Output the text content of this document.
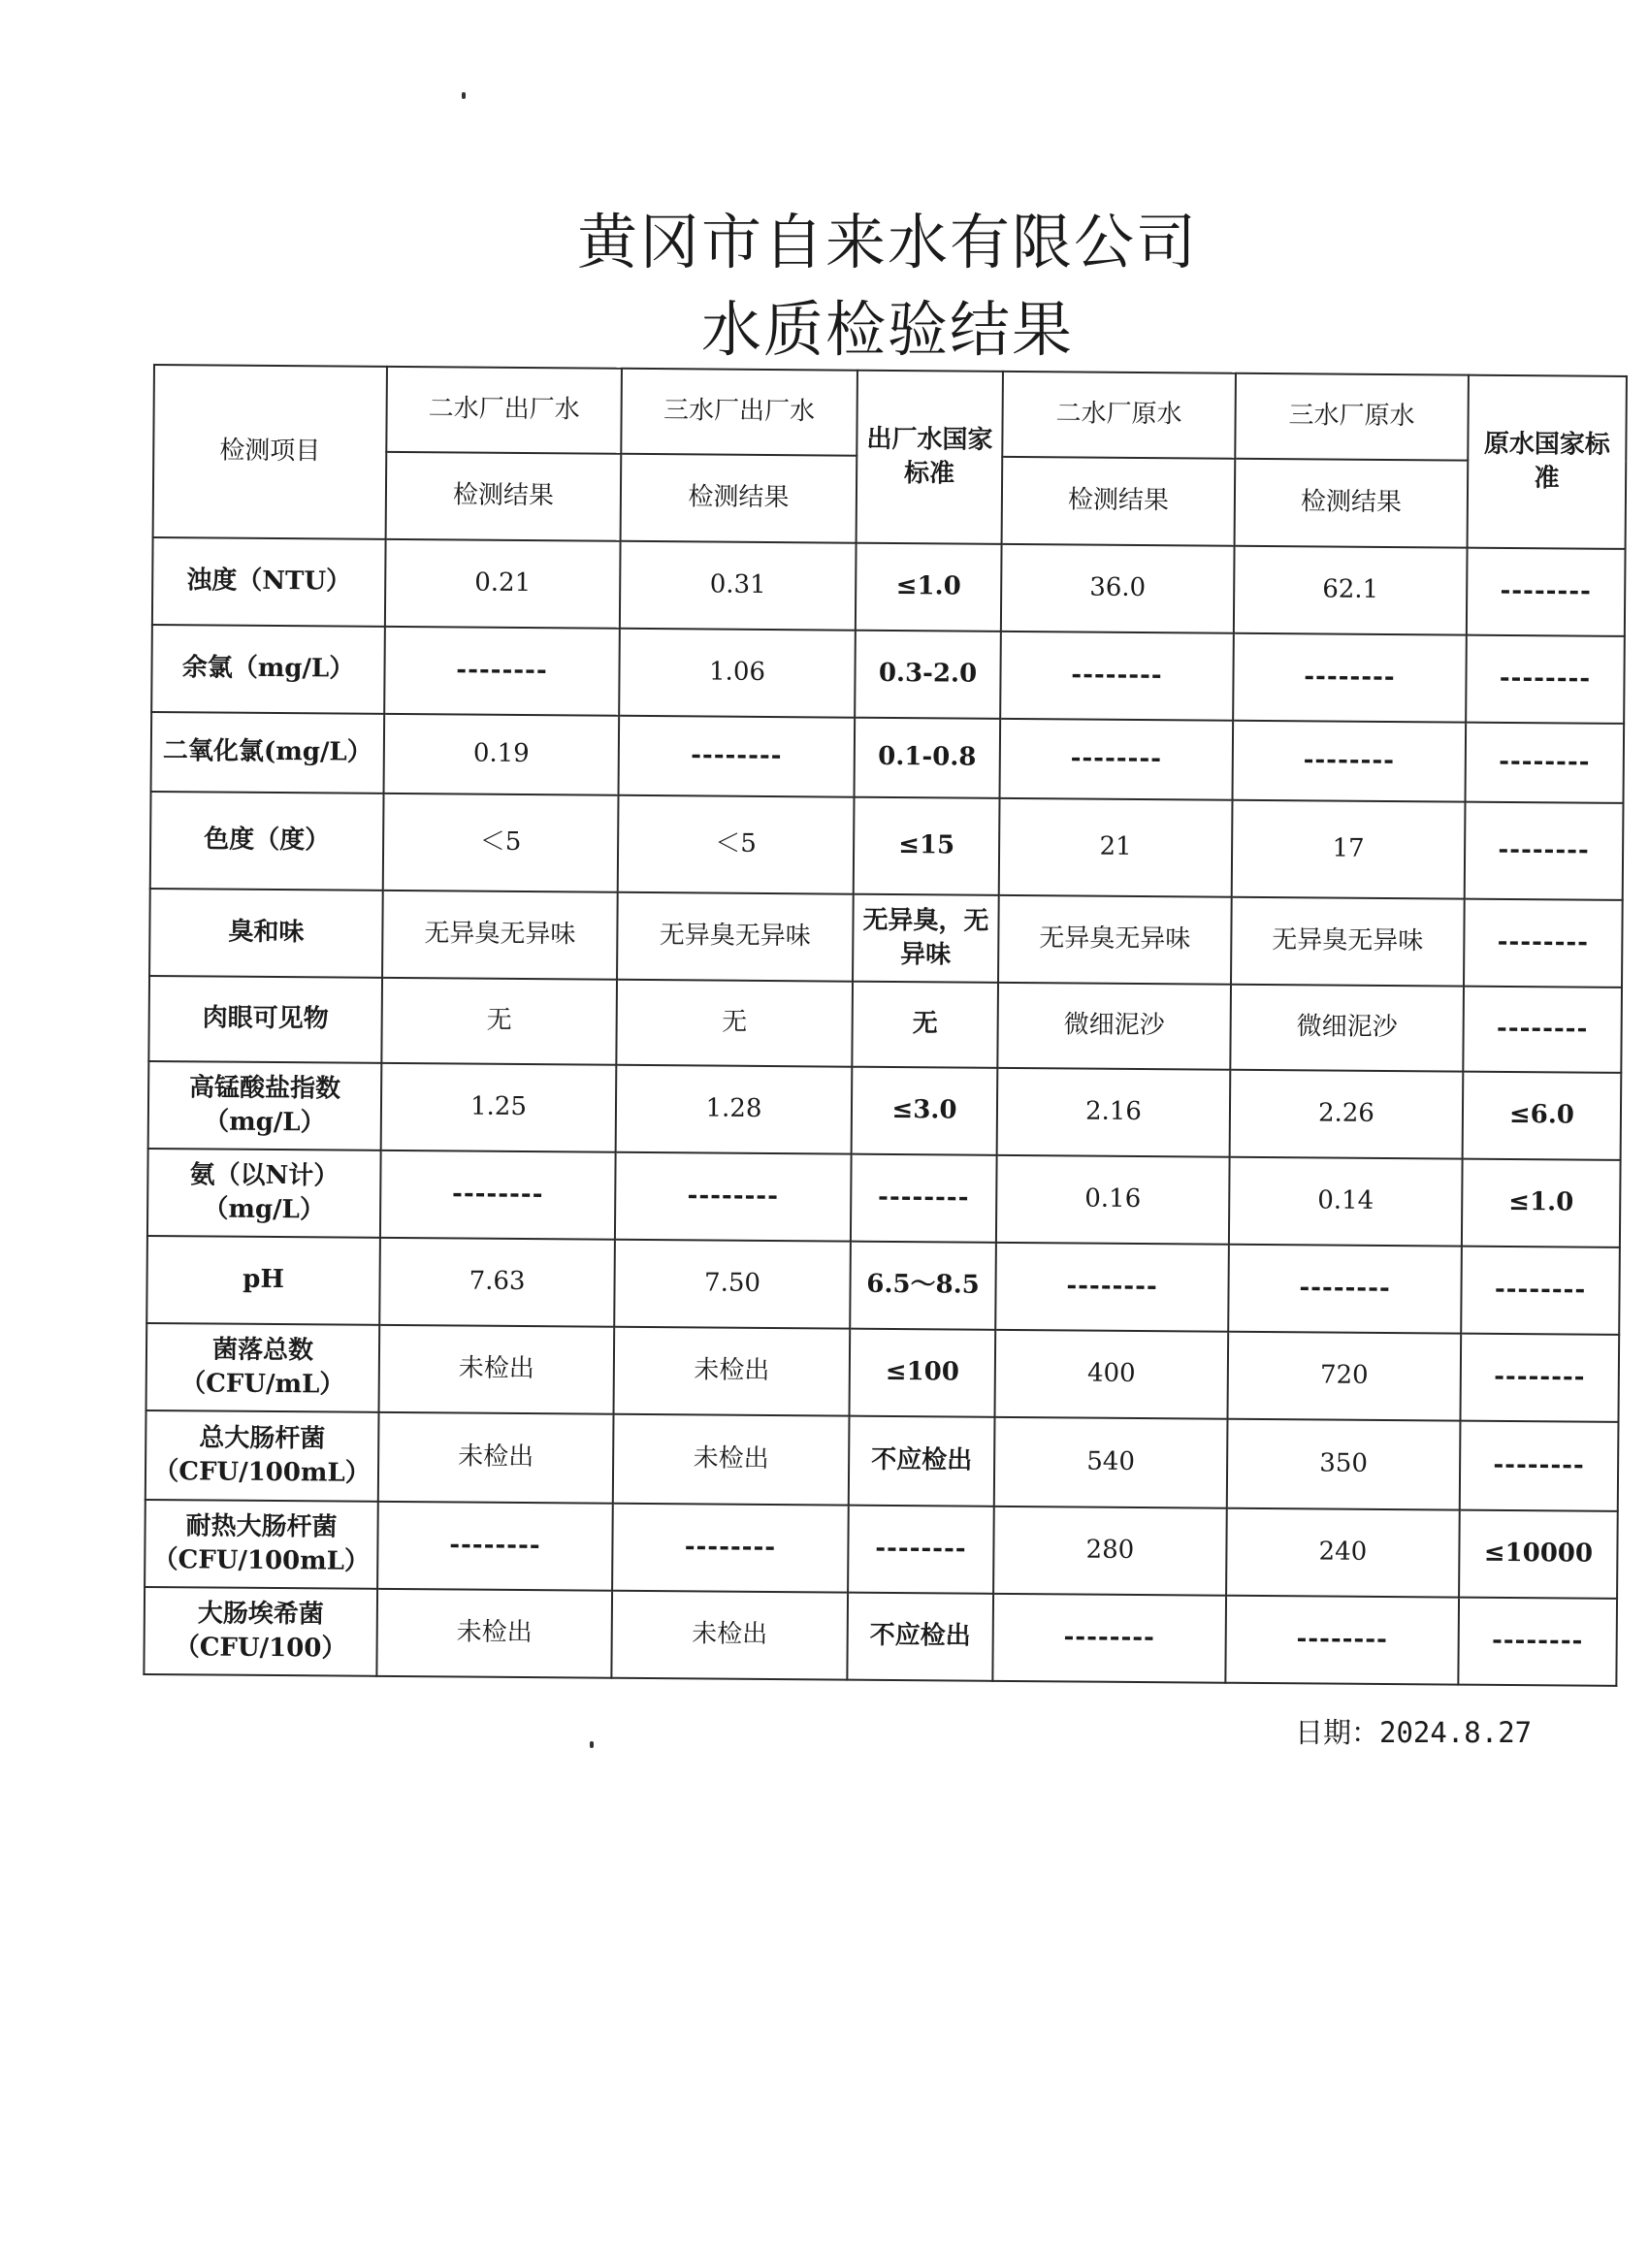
黄冈市自来水有限公司
水质检验结果
检测项目	二水厂出厂水	三水厂出厂水	出厂水国家标准	二水厂原水	三水厂原水	原水国家标准
	检测结果	检测结果		检测结果	检测结果	
浊度（NTU）	0.21	0.31	≤1.0	36.0	62.1	--------
余氯（mg/L）	--------	1.06	0.3-2.0	--------	--------	--------
二氧化氯(mg/L）	0.19	--------	0.1-0.8	--------	--------	--------
色度（度）	＜5	＜5	≤15	21	17	--------
臭和味	无异臭无异味	无异臭无异味	无异臭，无异味	无异臭无异味	无异臭无异味	--------
肉眼可见物	无	无	无	微细泥沙	微细泥沙	--------
高锰酸盐指数（mg/L）	1.25	1.28	≤3.0	2.16	2.26	≤6.0
氨（以N计）（mg/L）	--------	--------	--------	0.16	0.14	≤1.0
pH	7.63	7.50	6.5～8.5	--------	--------	--------
菌落总数（CFU/mL）	未检出	未检出	≤100	400	720	--------
总大肠杆菌（CFU/100mL）	未检出	未检出	不应检出	540	350	--------
耐热大肠杆菌（CFU/100mL）	--------	--------	--------	280	240	≤10000
大肠埃希菌（CFU/100）	未检出	未检出	不应检出	--------	--------	--------
日期：2024.8.27
